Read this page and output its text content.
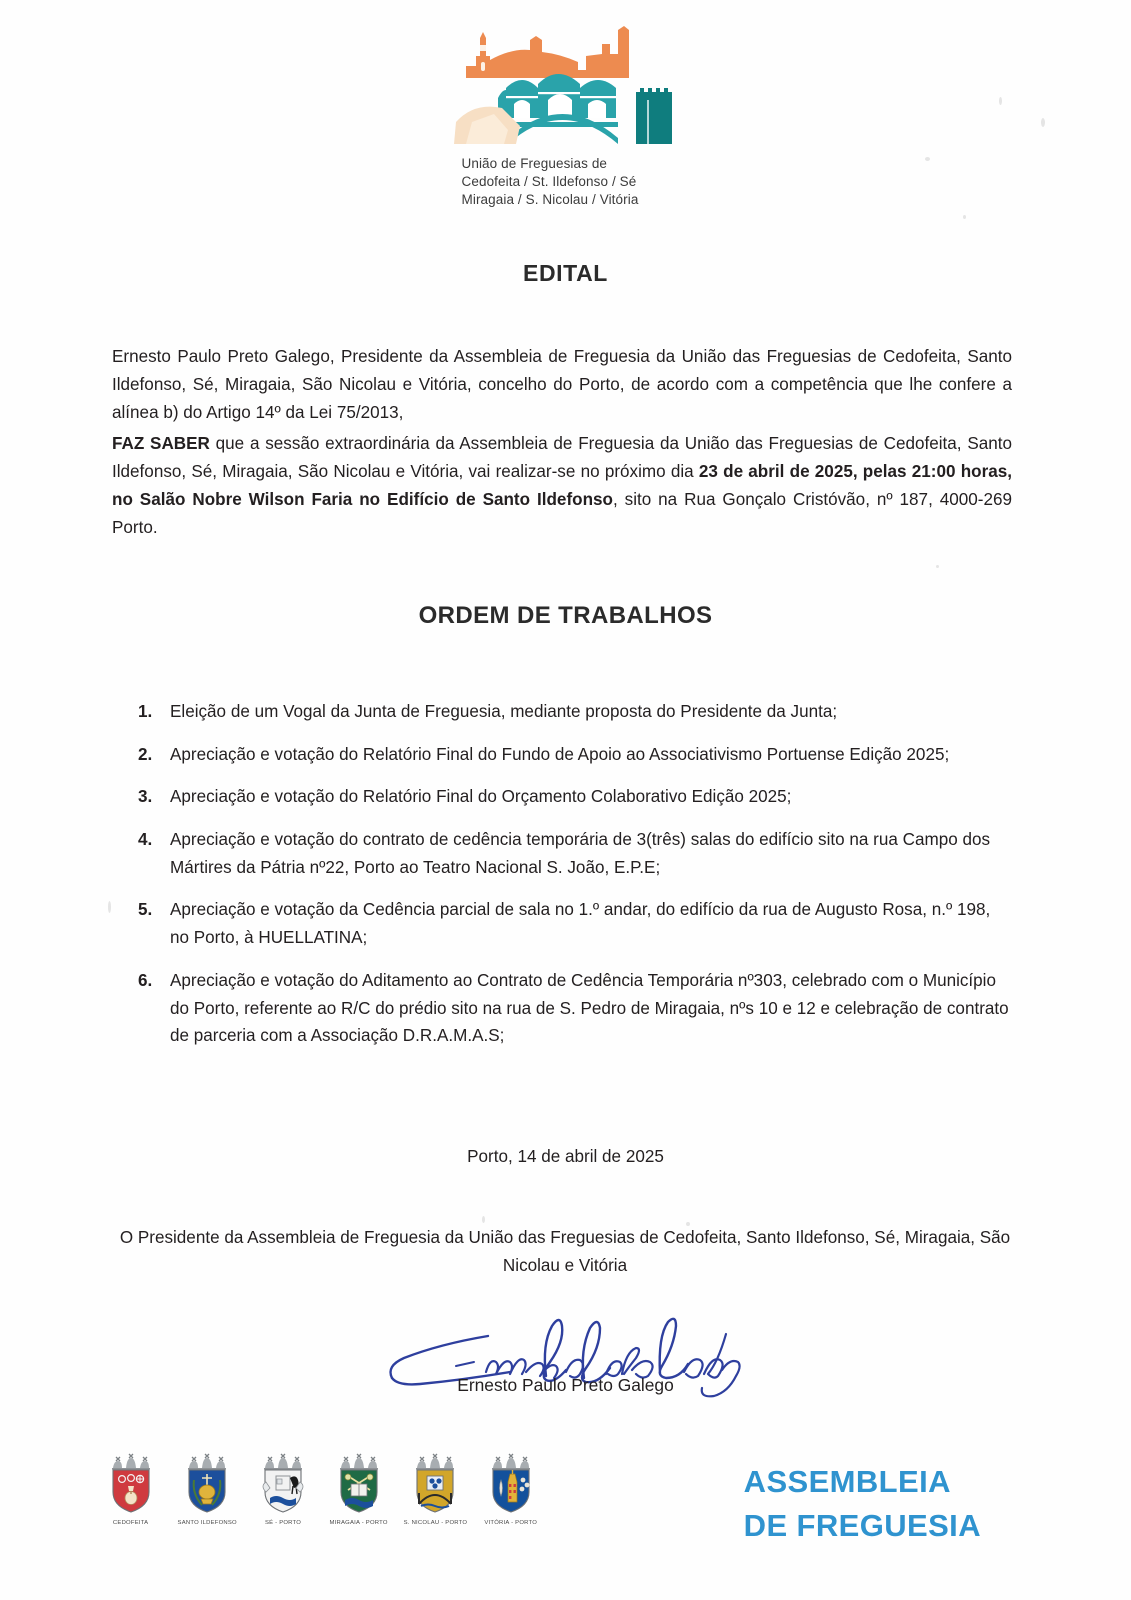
União de Freguesias de
Cedofeita / St. Ildefonso / Sé
Miragaia / S. Nicolau / Vitória
EDITAL
Ernesto Paulo Preto Galego, Presidente da Assembleia de Freguesia da União das Freguesias de Cedofeita, Santo Ildefonso, Sé, Miragaia, São Nicolau e Vitória, concelho do Porto, de acordo com a competência que lhe confere a alínea b) do Artigo 14º da Lei 75/2013,
FAZ SABER que a sessão extraordinária da Assembleia de Freguesia da União das Freguesias de Cedofeita, Santo Ildefonso, Sé, Miragaia, São Nicolau e Vitória, vai realizar-se no próximo dia 23 de abril de 2025, pelas 21:00 horas, no Salão Nobre Wilson Faria no Edifício de Santo Ildefonso, sito na Rua Gonçalo Cristóvão, nº 187, 4000-269 Porto.
ORDEM DE TRABALHOS
1.	Eleição de um Vogal da Junta de Freguesia, mediante proposta do Presidente da Junta;
2.	Apreciação e votação do Relatório Final do Fundo de Apoio ao Associativismo Portuense Edição 2025;
3.	Apreciação e votação do Relatório Final do Orçamento Colaborativo Edição 2025;
4.	Apreciação e votação do contrato de cedência temporária de 3(três) salas do edifício sito na rua Campo dos Mártires da Pátria nº22, Porto ao Teatro Nacional S. João, E.P.E;
5.	Apreciação e votação da Cedência parcial de sala no 1.º andar, do edifício da rua de Augusto Rosa, n.º 198, no Porto, à HUELLATINA;
6.	Apreciação e votação do Aditamento ao Contrato de Cedência Temporária nº303, celebrado com o Município do Porto, referente ao R/C do prédio sito na rua de S. Pedro de Miragaia, nºs 10 e 12 e celebração de contrato de parceria com a Associação D.R.A.M.A.S;
Porto, 14 de abril de 2025
O Presidente da Assembleia de Freguesia da União das Freguesias de Cedofeita, Santo Ildefonso, Sé, Miragaia, São Nicolau e Vitória
Ernesto Paulo Preto Galego
CEDOFEITA	SANTO ILDEFONSO	SÉ - PORTO	MIRAGAIA - PORTO S. NICOLAU - PORTO	VITÓRIA - PORTO
ASSEMBLEIA
DE FREGUESIA
